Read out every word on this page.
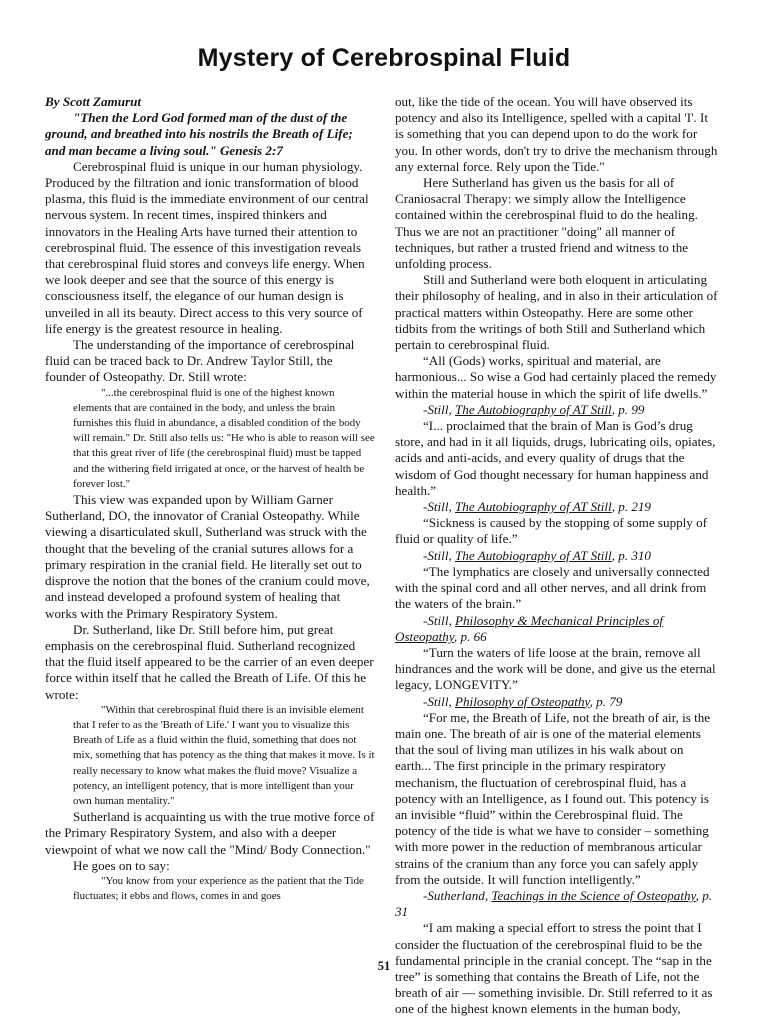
Mystery of Cerebrospinal Fluid

By Scott Zamurut

"Then the Lord God formed man of the dust of the ground, and breathed into his nostrils the Breath of Life; and man became a living soul." Genesis 2:7

Cerebrospinal fluid is unique in our human physiology. Produced by the filtration and ionic transformation of blood plasma, this fluid is the immediate environment of our central nervous system. In recent times, inspired thinkers and innovators in the Healing Arts have turned their attention to cerebrospinal fluid. The essence of this investigation reveals that cerebrospinal fluid stores and conveys life energy. When we look deeper and see that the source of this energy is consciousness itself, the elegance of our human design is unveiled in all its beauty. Direct access to this very source of life energy is the greatest resource in healing.

The understanding of the importance of cerebrospinal fluid can be traced back to Dr. Andrew Taylor Still, the founder of Osteopathy. Dr. Still wrote:

"...the cerebrospinal fluid is one of the highest known elements that are contained in the body, and unless the brain furnishes this fluid in abundance, a disabled condition of the body will remain." Dr. Still also tells us: "He who is able to reason will see that this great river of life (the cerebrospinal fluid) must be tapped and the withering field irrigated at once, or the harvest of health be forever lost."

This view was expanded upon by William Garner Sutherland, DO, the innovator of Cranial Osteopathy. While viewing a disarticulated skull, Sutherland was struck with the thought that the beveling of the cranial sutures allows for a primary respiration in the cranial field. He literally set out to disprove the notion that the bones of the cranium could move, and instead developed a profound system of healing that works with the Primary Respiratory System.

Dr. Sutherland, like Dr. Still before him, put great emphasis on the cerebrospinal fluid. Sutherland recognized that the fluid itself appeared to be the carrier of an even deeper force within itself that he called the Breath of Life. Of this he wrote:

"Within that cerebrospinal fluid there is an invisible element that I refer to as the 'Breath of Life.' I want you to visualize this Breath of Life as a fluid within the fluid, something that does not mix, something that has potency as the thing that makes it move. Is it really necessary to know what makes the fluid move? Visualize a potency, an intelligent potency, that is more intelligent than your own human mentality."

Sutherland is acquainting us with the true motive force of the Primary Respiratory System, and also with a deeper viewpoint of what we now call the "Mind/ Body Connection."

He goes on to say:

"You know from your experience as the patient that the Tide fluctuates; it ebbs and flows, comes in and goes

out, like the tide of the ocean. You will have observed its potency and also its Intelligence, spelled with a capital 'I'. It is something that you can depend upon to do the work for you. In other words, don't try to drive the mechanism through any external force. Rely upon the Tide."

Here Sutherland has given us the basis for all of Craniosacral Therapy: we simply allow the Intelligence contained within the cerebrospinal fluid to do the healing. Thus we are not an practitioner "doing" all manner of techniques, but rather a trusted friend and witness to the unfolding process.

Still and Sutherland were both eloquent in articulating their philosophy of healing, and in also in their articulation of practical matters within Osteopathy. Here are some other tidbits from the writings of both Still and Sutherland which pertain to cerebrospinal fluid.

“All (Gods) works, spiritual and material, are harmonious... So wise a God had certainly placed the remedy within the material house in which the spirit of life dwells.”

-Still, The Autobiography of AT Still, p. 99

“I... proclaimed that the brain of Man is God’s drug store, and had in it all liquids, drugs, lubricating oils, opiates, acids and anti-acids, and every quality of drugs that the wisdom of God thought necessary for human happiness and health.”

-Still, The Autobiography of AT Still, p. 219

“Sickness is caused by the stopping of some supply of fluid or quality of life.”

-Still, The Autobiography of AT Still, p. 310

“The lymphatics are closely and universally connected with the spinal cord and all other nerves, and all drink from the waters of the brain.”

-Still, Philosophy & Mechanical Principles of Osteopathy, p. 66

“Turn the waters of life loose at the brain, remove all hindrances and the work will be done, and give us the eternal legacy, LONGEVITY.”

-Still, Philosophy of Osteopathy, p. 79

“For me, the Breath of Life, not the breath of air, is the main one. The breath of air is one of the material elements that the soul of living man utilizes in his walk about on earth... The first principle in the primary respiratory mechanism, the fluctuation of cerebrospinal fluid, has a potency with an Intelligence, as I found out. This potency is an invisible “fluid” within the Cerebrospinal fluid. The potency of the tide is what we have to consider – something with more power in the reduction of membranous articular strains of the cranium than any force you can safely apply from the outside. It will function intelligently.”

-Sutherland, Teachings in the Science of Osteopathy, p. 31

“I am making a special effort to stress the point that I consider the fluctuation of the cerebrospinal fluid to be the fundamental principle in the cranial concept. The “sap in the tree” is something that contains the Breath of Life, not the breath of air — something invisible. Dr. Still referred to it as one of the highest known elements in the human body,

51
